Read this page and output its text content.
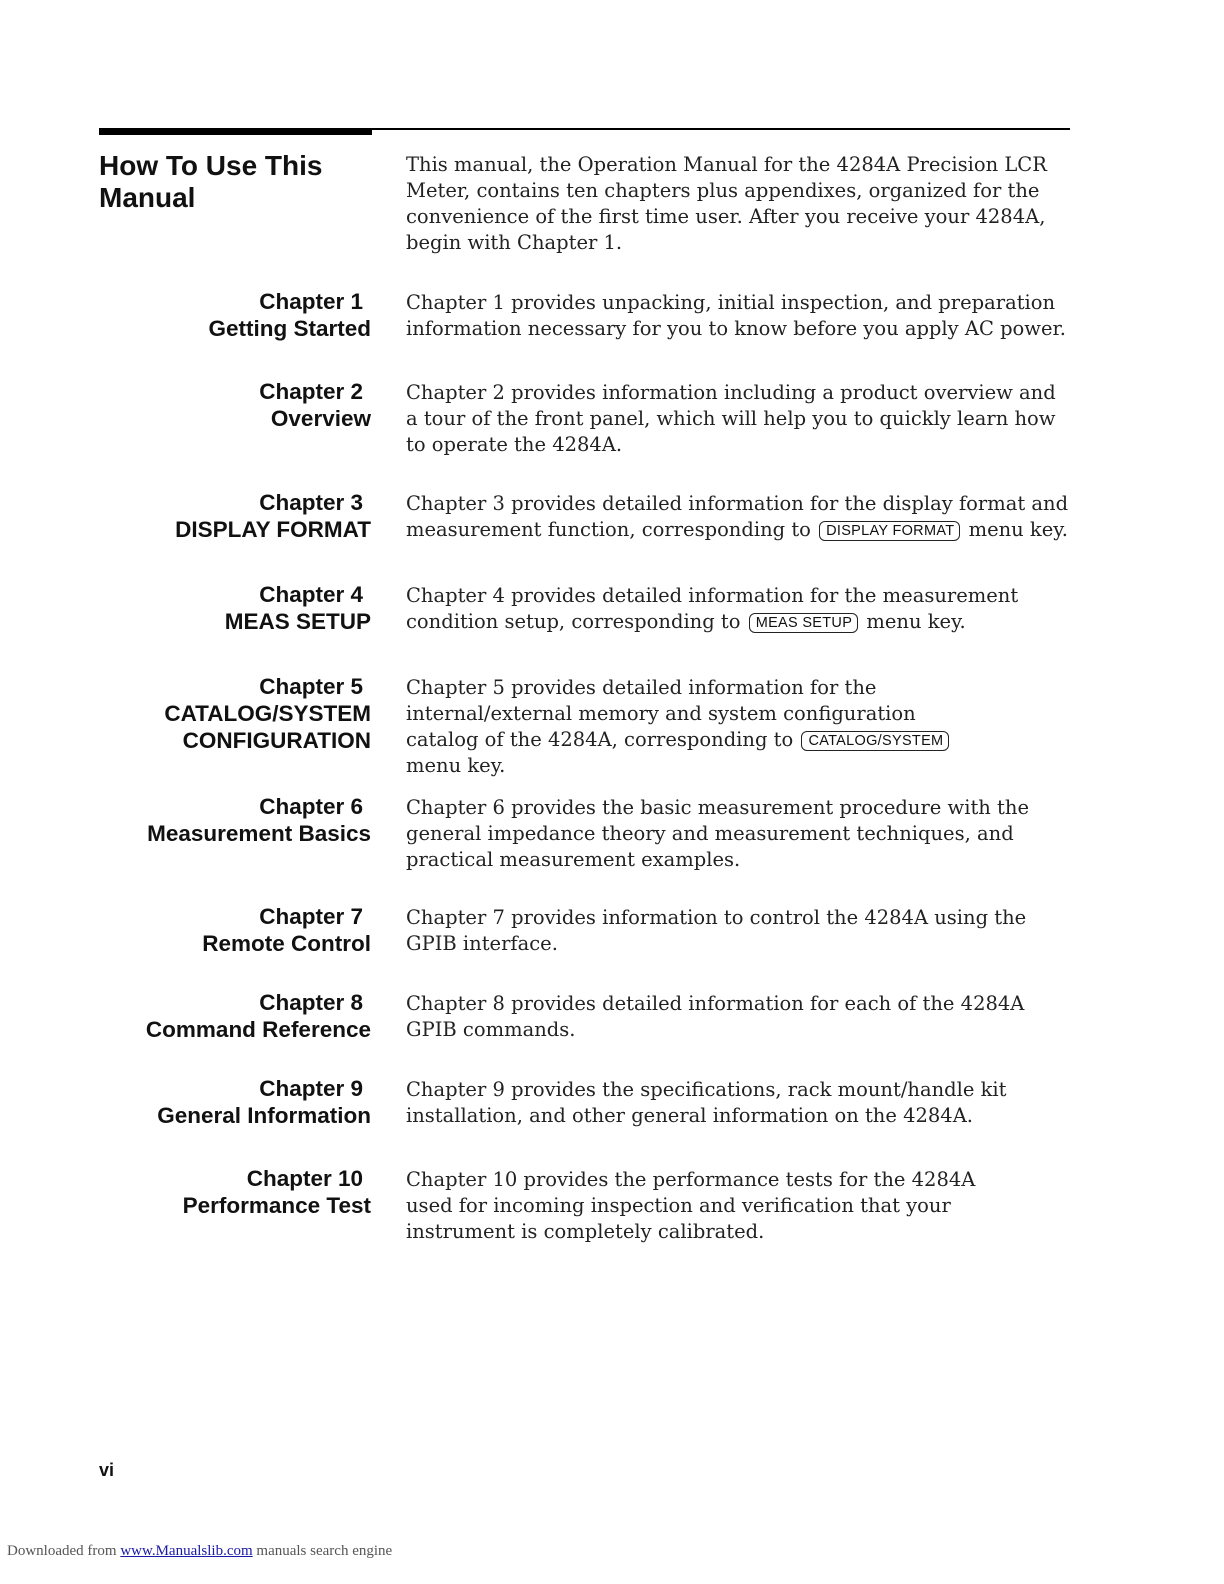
How To Use This Manual

This manual, the Operation Manual for the 4284A Precision LCR Meter, contains ten chapters plus appendixes, organized for the convenience of the first time user. After you receive your 4284A, begin with Chapter 1.

Chapter 1
Getting Started

Chapter 1 provides unpacking, initial inspection, and preparation information necessary for you to know before you apply AC power.

Chapter 2
Overview

Chapter 2 provides information including a product overview and a tour of the front panel, which will help you to quickly learn how to operate the 4284A.

Chapter 3
DISPLAY FORMAT

Chapter 3 provides detailed information for the display format and measurement function, corresponding to DISPLAY FORMAT menu key.

Chapter 4
MEAS SETUP

Chapter 4 provides detailed information for the measurement condition setup, corresponding to MEAS SETUP menu key.

Chapter 5
CATALOG/SYSTEM CONFIGURATION

Chapter 5 provides detailed information for the internal/external memory and system configuration catalog of the 4284A, corresponding to CATALOG/SYSTEM menu key.

Chapter 6
Measurement Basics

Chapter 6 provides the basic measurement procedure with the general impedance theory and measurement techniques, and practical measurement examples.

Chapter 7
Remote Control

Chapter 7 provides information to control the 4284A using the GPIB interface.

Chapter 8
Command Reference

Chapter 8 provides detailed information for each of the 4284A GPIB commands.

Chapter 9
General Information

Chapter 9 provides the specifications, rack mount/handle kit installation, and other general information on the 4284A.

Chapter 10
Performance Test

Chapter 10 provides the performance tests for the 4284A used for incoming inspection and verification that your instrument is completely calibrated.

vi
Downloaded from www.Manualslib.com manuals search engine
